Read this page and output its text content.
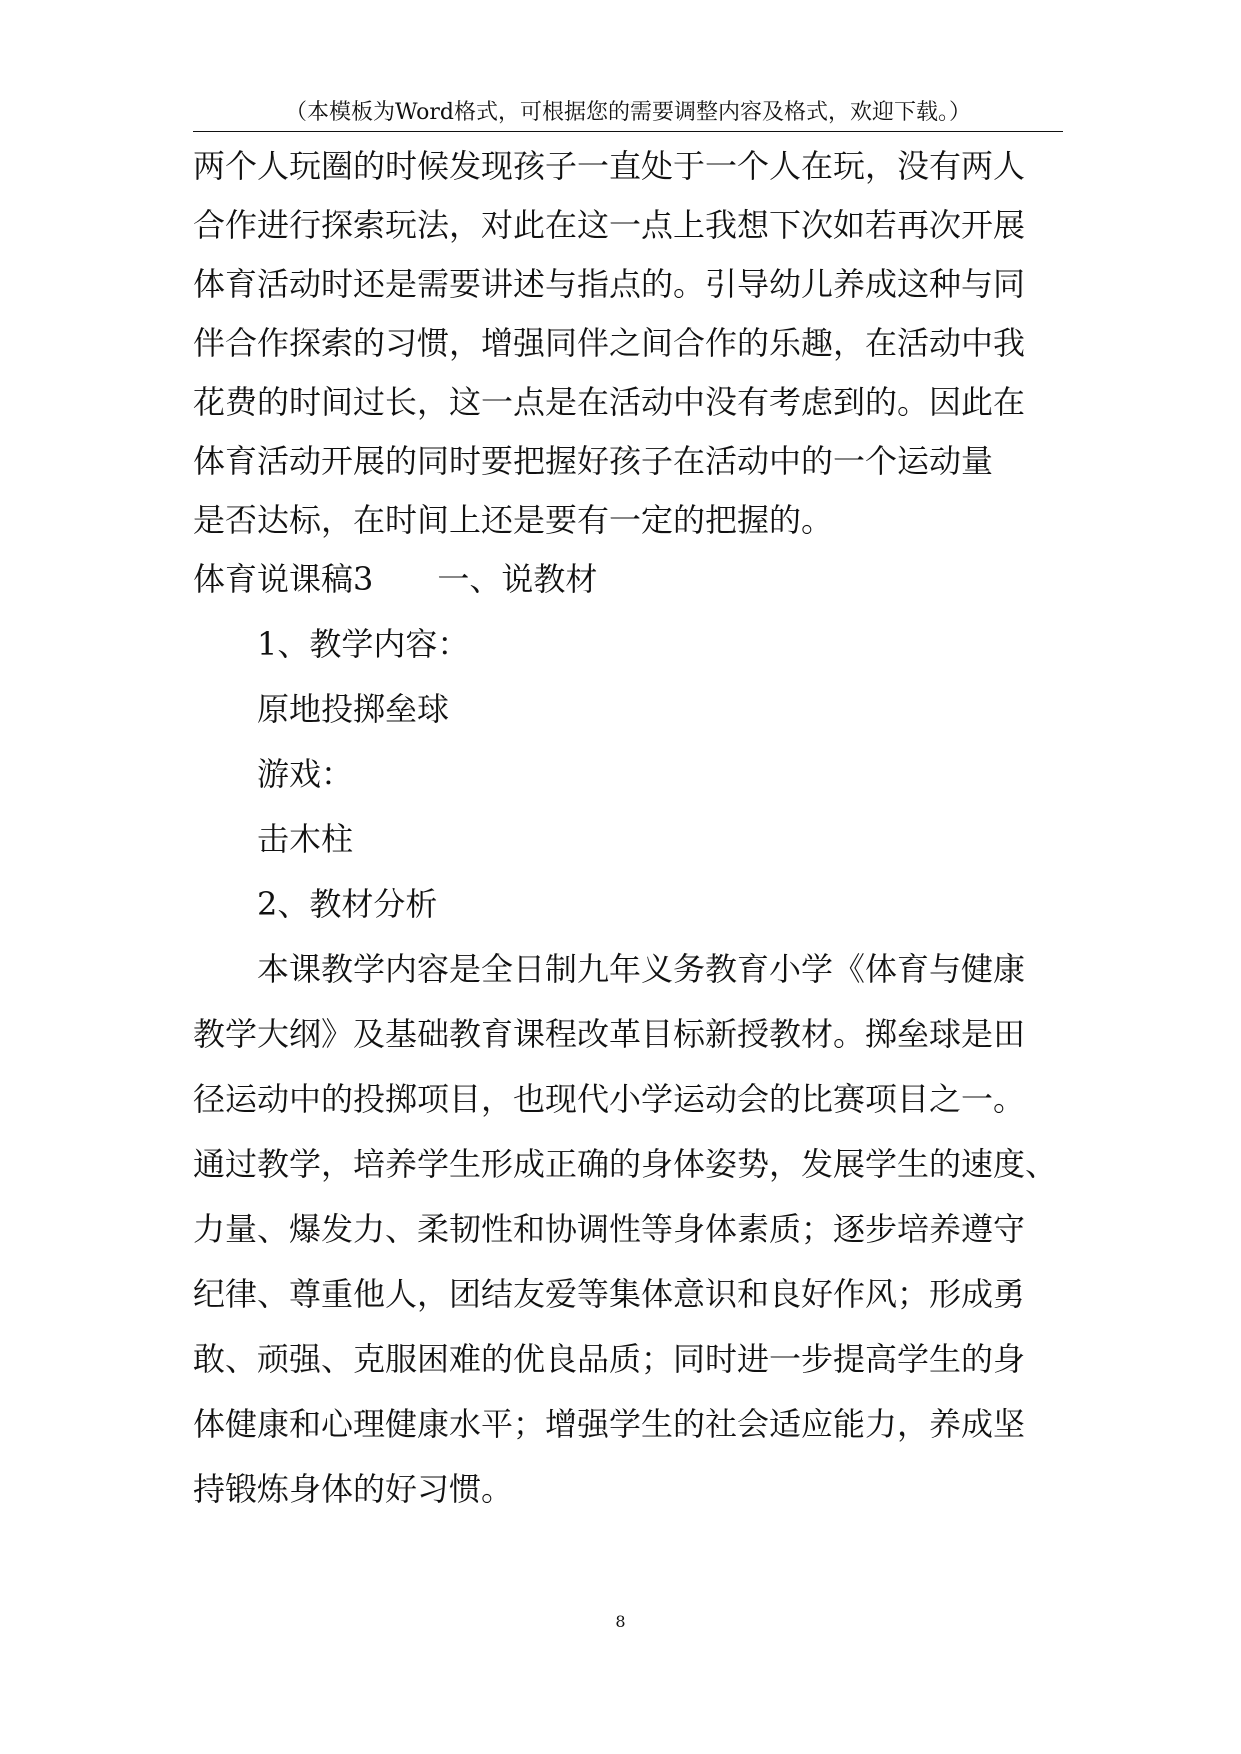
（本模板为Word格式，可根据您的需要调整内容及格式，欢迎下载。）
两个人玩圈的时候发现孩子一直处于一个人在玩，没有两人
合作进行探索玩法，对此在这一点上我想下次如若再次开展
体育活动时还是需要讲述与指点的。引导幼儿养成这种与同
伴合作探索的习惯，增强同伴之间合作的乐趣，在活动中我
花费的时间过长，这一点是在活动中没有考虑到的。因此在
体育活动开展的同时要把握好孩子在活动中的一个运动量
是否达标，在时间上还是要有一定的把握的。
体育说课稿3 一、说教材
1、教学内容：
原地投掷垒球
游戏：
击木柱
2、教材分析
本课教学内容是全日制九年义务教育小学《体育与健康
教学大纲》及基础教育课程改革目标新授教材。掷垒球是田
径运动中的投掷项目，也现代小学运动会的比赛项目之一。
通过教学，培养学生形成正确的身体姿势，发展学生的速度、
力量、爆发力、柔韧性和协调性等身体素质；逐步培养遵守
纪律、尊重他人，团结友爱等集体意识和良好作风；形成勇
敢、顽强、克服困难的优良品质；同时进一步提高学生的身
体健康和心理健康水平；增强学生的社会适应能力，养成坚
持锻炼身体的好习惯。
8
